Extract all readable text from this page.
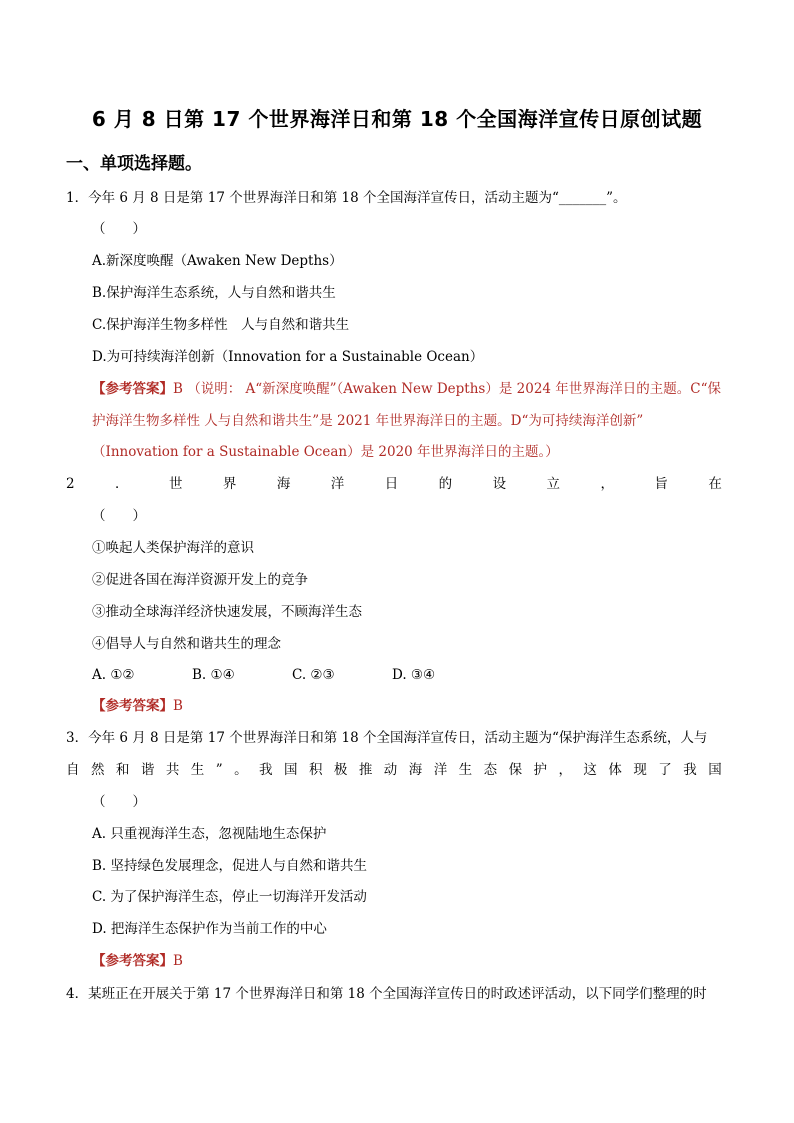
6 月 8 日第 17 个世界海洋日和第 18 个全国海洋宣传日原创试题
一、单项选择题。
1．今年 6 月 8 日是第 17 个世界海洋日和第 18 个全国海洋宣传日，活动主题为“_______”。
（　　）
A.新深度唤醒（Awaken New Depths）
B.保护海洋生态系统，人与自然和谐共生
C.保护海洋生物多样性　人与自然和谐共生
D.为可持续海洋创新（Innovation for a Sustainable Ocean）
【参考答案】B （说明： A“新深度唤醒”（Awaken New Depths）是 2024 年世界海洋日的主题。C“保
护海洋生物多样性 人与自然和谐共生”是 2021 年世界海洋日的主题。D“为可持续海洋创新”
（Innovation for a Sustainable Ocean）是 2020 年世界海洋日的主题。）
2	．	世	界	海	洋	日	的	设	立	，	旨	在
（　　）
①唤起人类保护海洋的意识
②促进各国在海洋资源开发上的竞争
③推动全球海洋经济快速发展，不顾海洋生态
④倡导人与自然和谐共生的理念
A. ①②	B. ①④	C. ②③	D. ③④
【参考答案】B
3．今年 6 月 8 日是第 17 个世界海洋日和第 18 个全国海洋宣传日，活动主题为“保护海洋生态系统，人与
自 然 和 谐 共 生 ” 。 我 国 积 极 推 动 海 洋 生 态 保 护 ， 这 体 现 了 我 国
（　　）
A. 只重视海洋生态，忽视陆地生态保护
B. 坚持绿色发展理念，促进人与自然和谐共生
C. 为了保护海洋生态，停止一切海洋开发活动
D. 把海洋生态保护作为当前工作的中心
【参考答案】B
4．某班正在开展关于第 17 个世界海洋日和第 18 个全国海洋宣传日的时政述评活动，以下同学们整理的时
